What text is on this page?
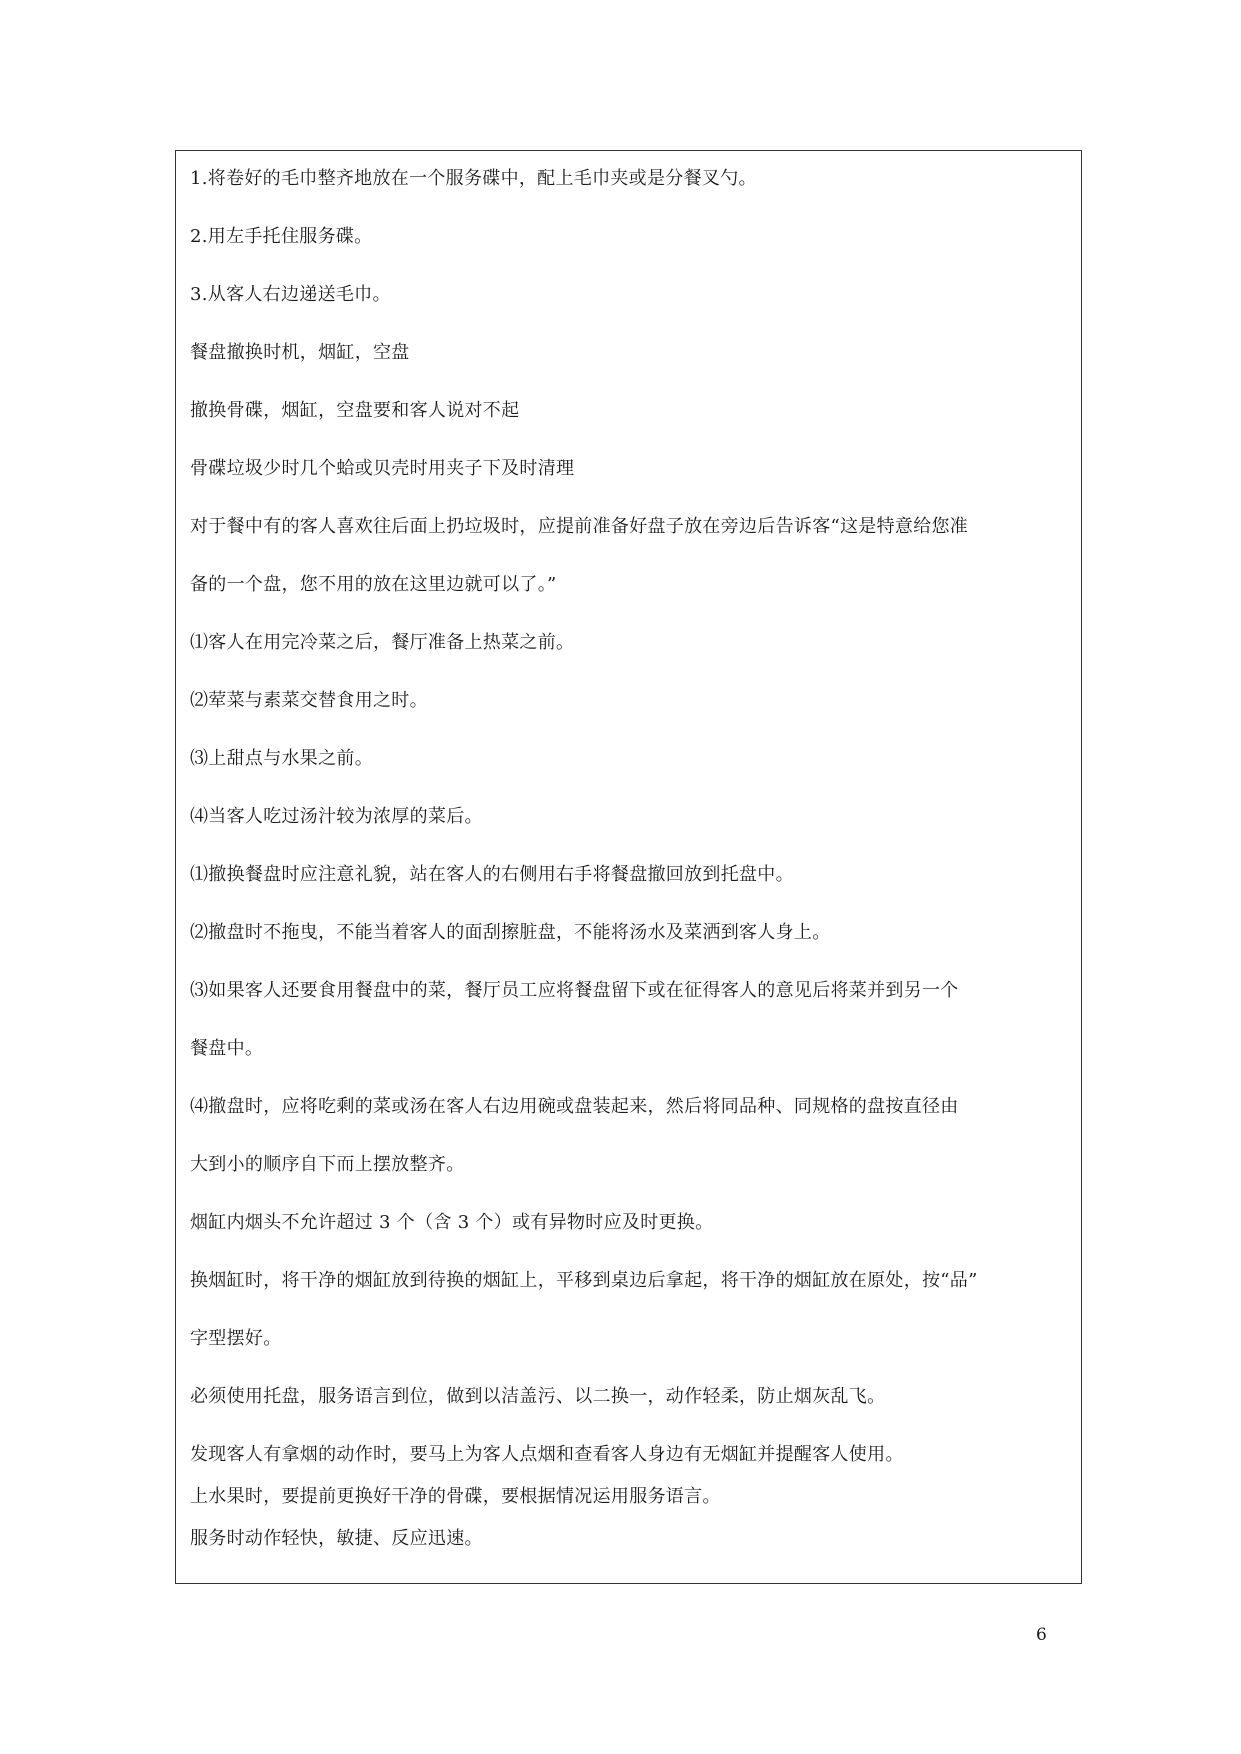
1.将卷好的毛巾整齐地放在一个服务碟中，配上毛巾夹或是分餐叉勺。
2.用左手托住服务碟。
3.从客人右边递送毛巾。
餐盘撤换时机，烟缸，空盘
撤换骨碟，烟缸，空盘要和客人说对不起
骨碟垃圾少时几个蛤或贝壳时用夹子下及时清理
对于餐中有的客人喜欢往后面上扔垃圾时，应提前准备好盘子放在旁边后告诉客“这是特意给您准
备的一个盘，您不用的放在这里边就可以了。”
⑴客人在用完冷菜之后，餐厅准备上热菜之前。
⑵荤菜与素菜交替食用之时。
⑶上甜点与水果之前。
⑷当客人吃过汤汁较为浓厚的菜后。
⑴撤换餐盘时应注意礼貌，站在客人的右侧用右手将餐盘撤回放到托盘中。
⑵撤盘时不拖曳，不能当着客人的面刮擦脏盘，不能将汤水及菜洒到客人身上。
⑶如果客人还要食用餐盘中的菜，餐厅员工应将餐盘留下或在征得客人的意见后将菜并到另一个
餐盘中。
⑷撤盘时，应将吃剩的菜或汤在客人右边用碗或盘装起来，然后将同品种、同规格的盘按直径由
大到小的顺序自下而上摆放整齐。
烟缸内烟头不允许超过 3 个（含 3 个）或有异物时应及时更换。
换烟缸时，将干净的烟缸放到待换的烟缸上，平移到桌边后拿起，将干净的烟缸放在原处，按“品”
字型摆好。
必须使用托盘，服务语言到位，做到以洁盖污、以二换一，动作轻柔，防止烟灰乱飞。
发现客人有拿烟的动作时，要马上为客人点烟和查看客人身边有无烟缸并提醒客人使用。
上水果时，要提前更换好干净的骨碟，要根据情况运用服务语言。
服务时动作轻快，敏捷、反应迅速。
6
